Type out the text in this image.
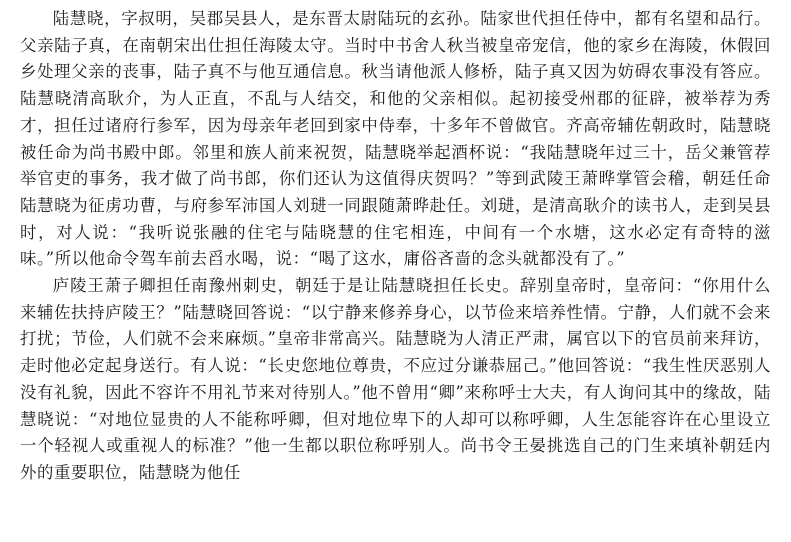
陆慧晓，字叔明，吴郡吴县人，是东晋太尉陆玩的玄孙。陆家世代担任侍中，都有名望和品行。父亲陆子真，在南朝宋出仕担任海陵太守。当时中书舍人秋当被皇帝宠信，他的家乡在海陵，休假回乡处理父亲的丧事，陆子真不与他互通信息。秋当请他派人修桥，陆子真又因为妨碍农事没有答应。陆慧晓清高耿介，为人正直，不乱与人结交，和他的父亲相似。起初接受州郡的征辟，被举荐为秀才，担任过诸府行参军，因为母亲年老回到家中侍奉，十多年不曾做官。齐高帝辅佐朝政时，陆慧晓被任命为尚书殿中郎。邻里和族人前来祝贺，陆慧晓举起酒杯说：“我陆慧晓年过三十，岳父兼管荐举官吏的事务，我才做了尚书郎，你们还认为这值得庆贺吗？”等到武陵王萧晔掌管会稽，朝廷任命陆慧晓为征虏功曹，与府参军沛国人刘琎一同跟随萧晔赴任。刘琎，是清高耿介的读书人，走到吴县时，对人说：“我听说张融的住宅与陆晓慧的住宅相连，中间有一个水塘，这水必定有奇特的滋味。”所以他命令驾车前去舀水喝，说：“喝了这水，庸俗吝啬的念头就都没有了。”

庐陵王萧子卿担任南豫州刺史，朝廷于是让陆慧晓担任长史。辞别皇帝时，皇帝问：“你用什么来辅佐扶持庐陵王？”陆慧晓回答说：“以宁静来修养身心，以节俭来培养性情。宁静，人们就不会来打扰；节俭，人们就不会来麻烦。”皇帝非常高兴。陆慧晓为人清正严肃，属官以下的官员前来拜访，走时他必定起身送行。有人说：“长史您地位尊贵，不应过分谦恭屈己。”他回答说：“我生性厌恶别人没有礼貌，因此不容许不用礼节来对待别人。”他不曾用“卿”来称呼士大夫，有人询问其中的缘故，陆慧晓说：“对地位显贵的人不能称呼卿，但对地位卑下的人却可以称呼卿，人生怎能容许在心里设立一个轻视人或重视人的标准？”他一生都以职位称呼别人。尚书令王晏挑选自己的门生来填补朝廷内外的重要职位，陆慧晓为他任
